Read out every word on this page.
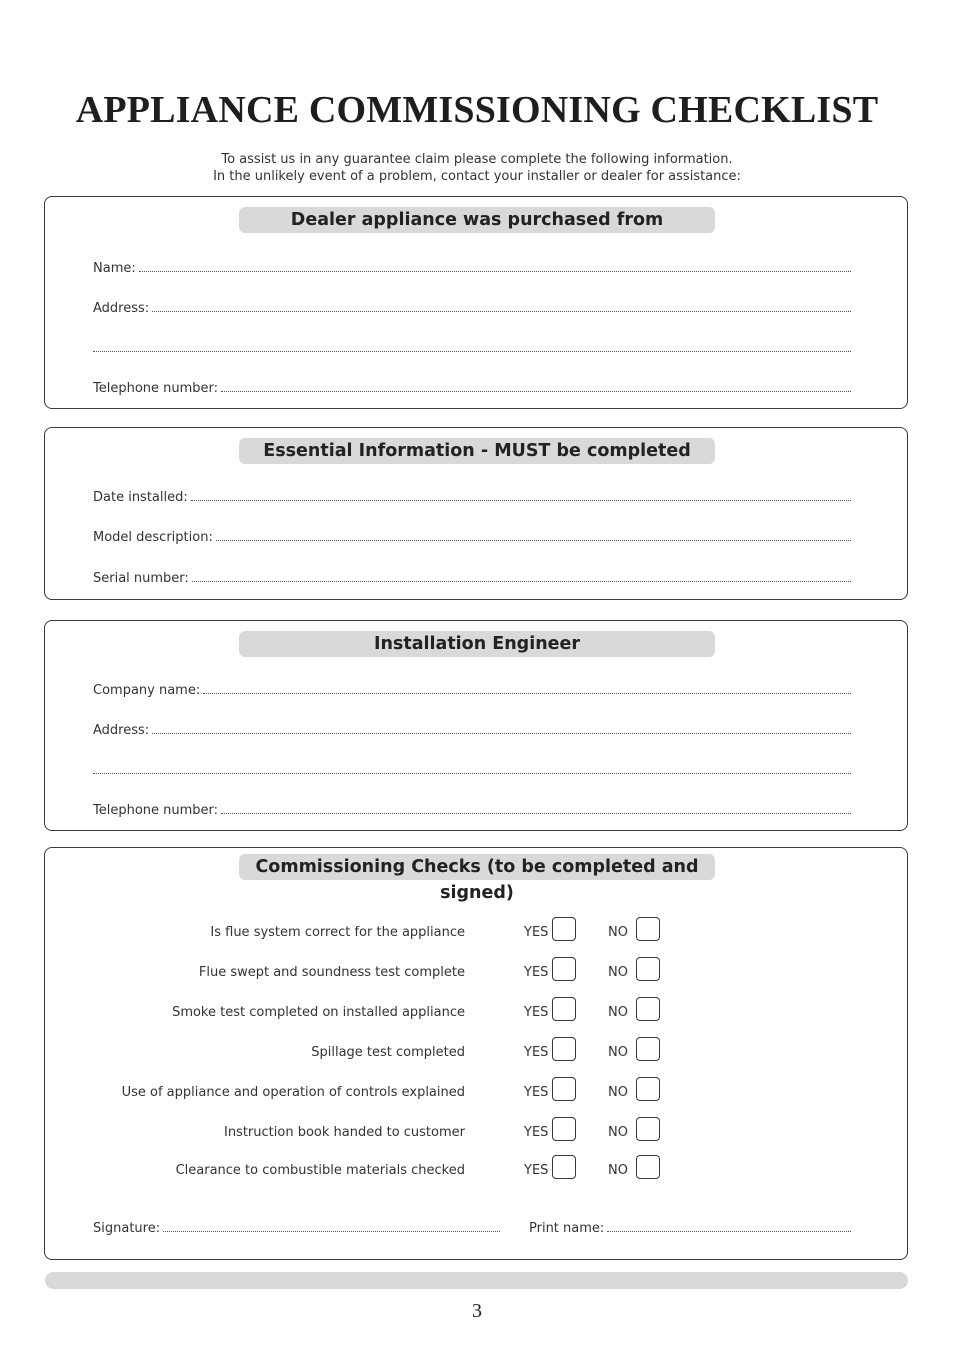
APPLIANCE COMMISSIONING CHECKLIST
To assist us in any guarantee claim please complete the following information.
In the unlikely event of a problem, contact your installer or dealer for assistance:
Dealer appliance was purchased from
Name:
Address:
Telephone number:
Essential Information - MUST be completed
Date installed:
Model description:
Serial number:
Installation Engineer
Company name:
Address:
Telephone number:
Commissioning Checks (to be completed and signed)
Is flue system correct for the appliance	YES	NO
Flue swept and soundness test complete	YES	NO
Smoke test completed on installed appliance	YES	NO
Spillage test completed	YES	NO
Use of appliance and operation of controls explained	YES	NO
Instruction book handed to customer	YES	NO
Clearance to combustible materials checked	YES	NO
Signature:	Print name:
3
